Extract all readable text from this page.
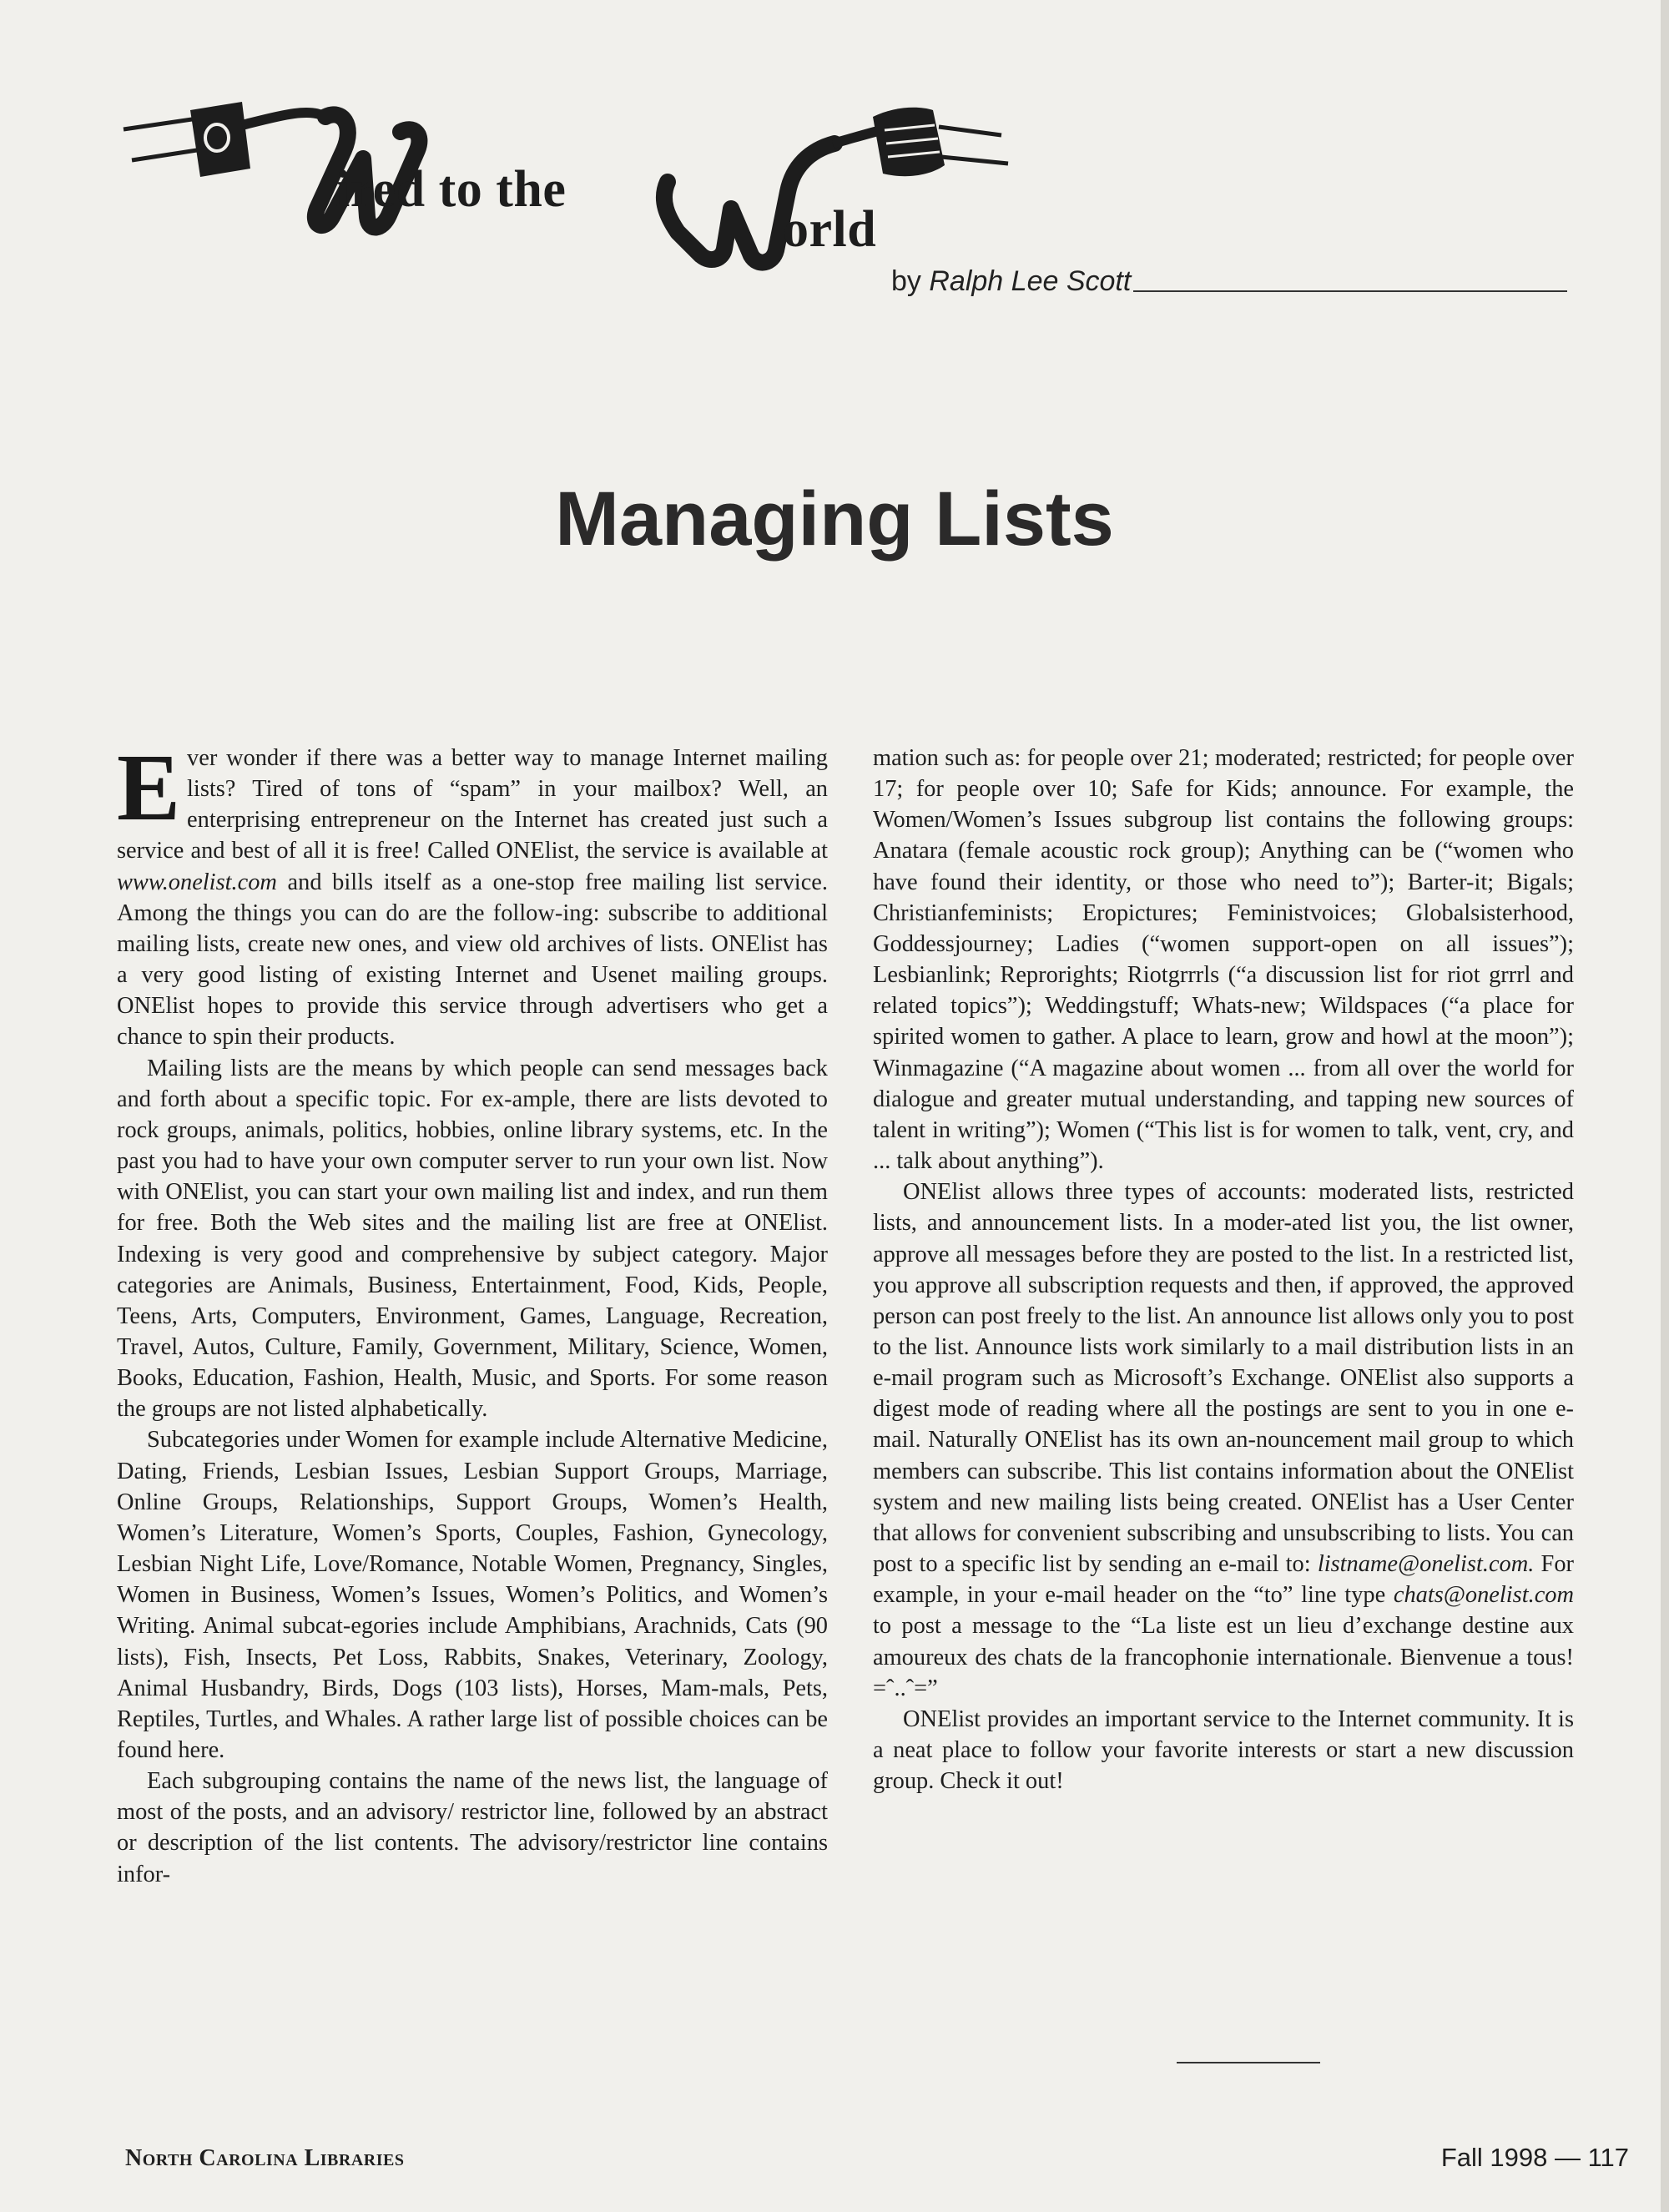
ired to the
orld
by Ralph Lee Scott
Managing Lists

Ever wonder if there was a better way to manage Internet mailing lists? Tired of tons of “spam” in your mailbox? Well, an enterprising entrepreneur on the Internet has created just such a service and best of all it is free! Called ONElist, the service is available at www.onelist.com and bills itself as a one-stop free mailing list service. Among the things you can do are the follow-ing: subscribe to additional mailing lists, create new ones, and view old archives of lists. ONElist has a very good listing of existing Internet and Usenet mailing groups. ONElist hopes to provide this service through advertisers who get a chance to spin their products.

Mailing lists are the means by which people can send messages back and forth about a specific topic. For ex-ample, there are lists devoted to rock groups, animals, politics, hobbies, online library systems, etc. In the past you had to have your own computer server to run your own list. Now with ONElist, you can start your own mailing list and index, and run them for free. Both the Web sites and the mailing list are free at ONElist. Indexing is very good and comprehensive by subject category. Major categories are Animals, Business, Entertainment, Food, Kids, People, Teens, Arts, Computers, Environment, Games, Language, Recreation, Travel, Autos, Culture, Family, Government, Military, Science, Women, Books, Education, Fashion, Health, Music, and Sports. For some reason the groups are not listed alphabetically.

Subcategories under Women for example include Alternative Medicine, Dating, Friends, Lesbian Issues, Lesbian Support Groups, Marriage, Online Groups, Relationships, Support Groups, Women’s Health, Women’s Literature, Women’s Sports, Couples, Fashion, Gynecology, Lesbian Night Life, Love/Romance, Notable Women, Pregnancy, Singles, Women in Business, Women’s Issues, Women’s Politics, and Women’s Writing. Animal subcat-egories include Amphibians, Arachnids, Cats (90 lists), Fish, Insects, Pet Loss, Rabbits, Snakes, Veterinary, Zoology, Animal Husbandry, Birds, Dogs (103 lists), Horses, Mam-mals, Pets, Reptiles, Turtles, and Whales. A rather large list of possible choices can be found here.

Each subgrouping contains the name of the news list, the language of most of the posts, and an advisory/ restrictor line, followed by an abstract or description of the list contents. The advisory/restrictor line contains infor-

mation such as: for people over 21; moderated; restricted; for people over 17; for people over 10; Safe for Kids; announce. For example, the Women/Women’s Issues subgroup list contains the following groups: Anatara (female acoustic rock group); Anything can be (“women who have found their identity, or those who need to”); Barter-it; Bigals; Christianfeminists; Eropictures; Feministvoices; Globalsisterhood, Goddessjourney; Ladies (“women support-open on all issues”); Lesbianlink; Reprorights; Riotgrrrls (“a discussion list for riot grrrl and related topics”); Weddingstuff; Whats-new; Wildspaces (“a place for spirited women to gather. A place to learn, grow and howl at the moon”); Winmagazine (“A magazine about women ... from all over the world for dialogue and greater mutual understanding, and tapping new sources of talent in writing”); Women (“This list is for women to talk, vent, cry, and ... talk about anything”).

ONElist allows three types of accounts: moderated lists, restricted lists, and announcement lists. In a moder-ated list you, the list owner, approve all messages before they are posted to the list. In a restricted list, you approve all subscription requests and then, if approved, the approved person can post freely to the list. An announce list allows only you to post to the list. Announce lists work similarly to a mail distribution lists in an e-mail program such as Microsoft’s Exchange. ONElist also supports a digest mode of reading where all the postings are sent to you in one e-mail. Naturally ONElist has its own an-nouncement mail group to which members can subscribe. This list contains information about the ONElist system and new mailing lists being created. ONElist has a User Center that allows for convenient subscribing and unsubscribing to lists. You can post to a specific list by sending an e-mail to: listname@onelist.com. For example, in your e-mail header on the “to” line type chats@onelist.com to post a message to the “La liste est un lieu d’exchange destine aux amoureux des chats de la francophonie internationale. Bienvenue a tous! =ˆ..ˆ=”

ONElist provides an important service to the Internet community. It is a neat place to follow your favorite interests or start a new discussion group. Check it out!

North Carolina Libraries	Fall 1998 — 117
